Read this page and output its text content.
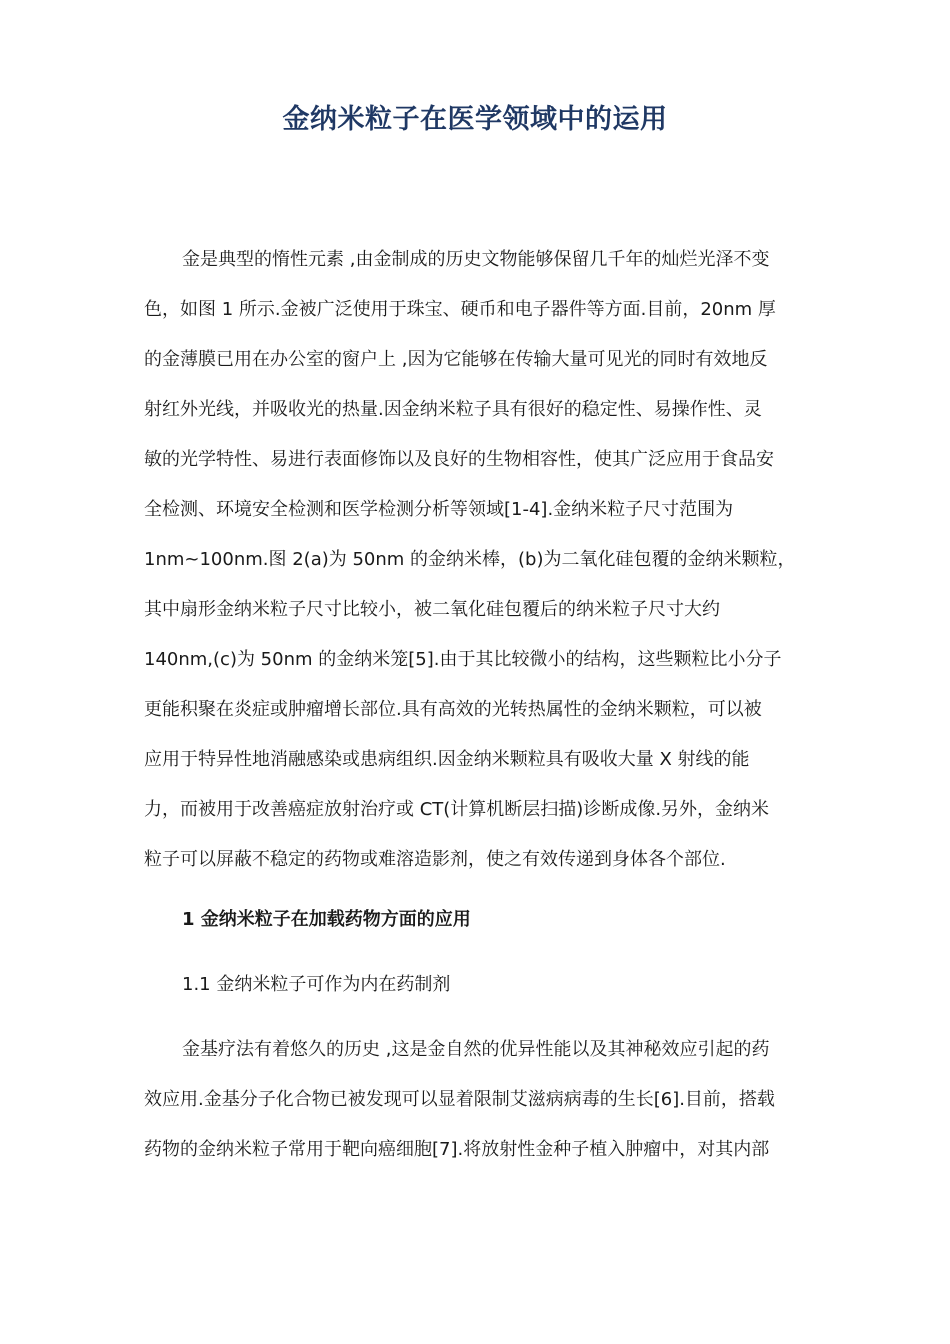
金纳米粒子在医学领域中的运用
金是典型的惰性元素 ,由金制成的历史文物能够保留几千年的灿烂光泽不变
色，如图 1 所示.金被广泛使用于珠宝、硬币和电子器件等方面.目前，20nm 厚
的金薄膜已用在办公室的窗户上 ,因为它能够在传输大量可见光的同时有效地反
射红外光线，并吸收光的热量.因金纳米粒子具有很好的稳定性、易操作性、灵
敏的光学特性、易进行表面修饰以及良好的生物相容性，使其广泛应用于食品安
全检测、环境安全检测和医学检测分析等领域[1-4].金纳米粒子尺寸范围为
1nm~100nm.图 2(a)为 50nm 的金纳米棒，(b)为二氧化硅包覆的金纳米颗粒，
其中扇形金纳米粒子尺寸比较小，被二氧化硅包覆后的纳米粒子尺寸大约
140nm,(c)为 50nm 的金纳米笼[5].由于其比较微小的结构，这些颗粒比小分子
更能积聚在炎症或肿瘤增长部位.具有高效的光转热属性的金纳米颗粒，可以被
应用于特异性地消融感染或患病组织.因金纳米颗粒具有吸收大量 X 射线的能
力，而被用于改善癌症放射治疗或 CT(计算机断层扫描)诊断成像.另外，金纳米
粒子可以屏蔽不稳定的药物或难溶造影剂，使之有效传递到身体各个部位.
1 金纳米粒子在加载药物方面的应用
1.1 金纳米粒子可作为内在药制剂
金基疗法有着悠久的历史 ,这是金自然的优异性能以及其神秘效应引起的药
效应用.金基分子化合物已被发现可以显着限制艾滋病病毒的生长[6].目前，搭载
药物的金纳米粒子常用于靶向癌细胞[7].将放射性金种子植入肿瘤中，对其内部
